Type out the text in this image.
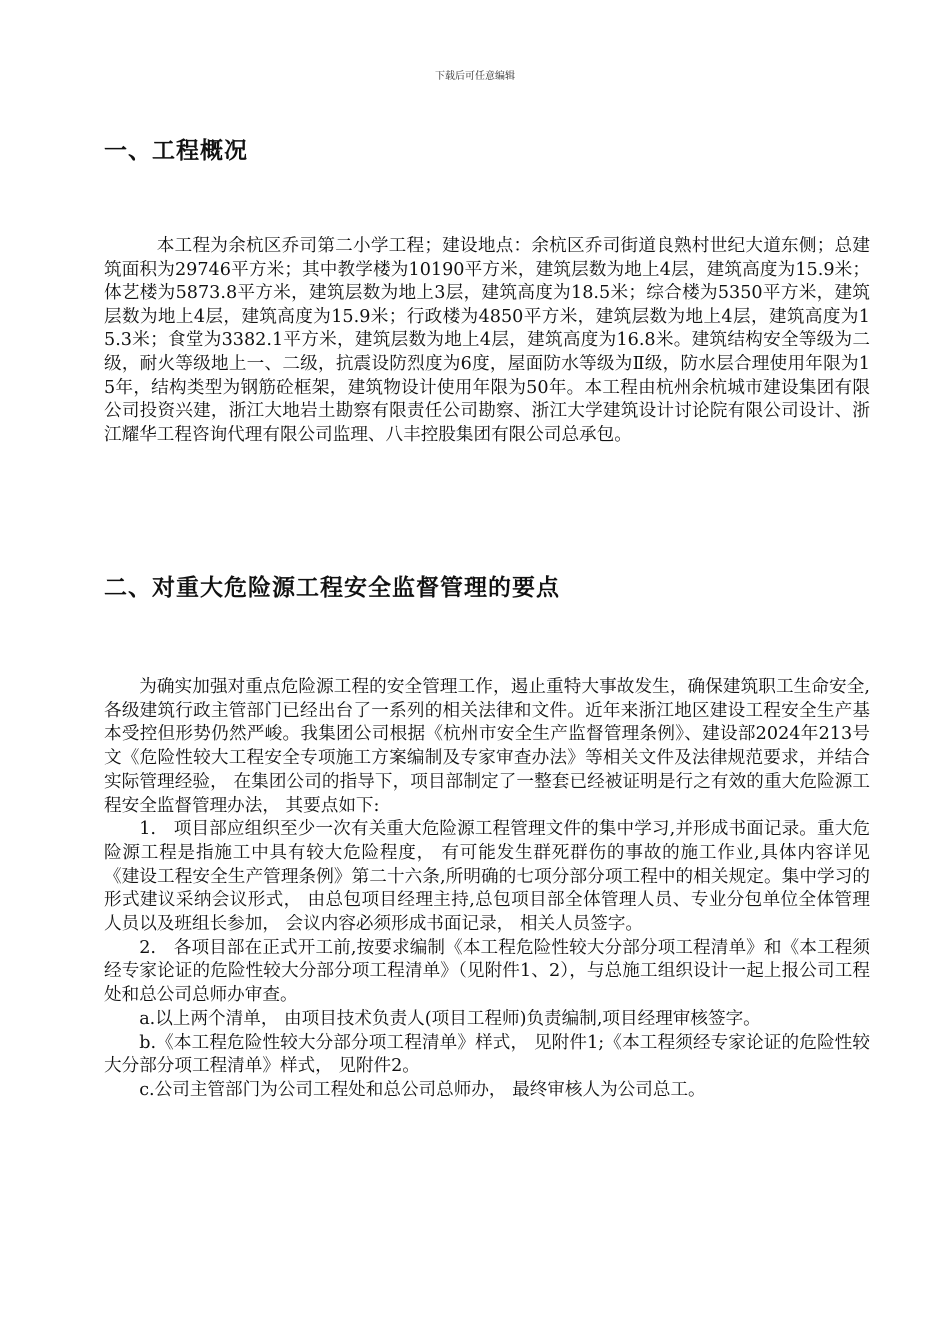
下载后可任意编辑
一、工程概况

本工程为余杭区乔司第二小学工程；建设地点：余杭区乔司街道良熟村世纪大道东侧；总建筑面积为29746平方米；其中教学楼为10190平方米，建筑层数为地上4层，建筑高度为15.9米；体艺楼为5873.8平方米，建筑层数为地上3层，建筑高度为18.5米；综合楼为5350平方米，建筑层数为地上4层，建筑高度为15.9米；行政楼为4850平方米，建筑层数为地上4层，建筑高度为15.3米；食堂为3382.1平方米，建筑层数为地上4层，建筑高度为16.8米。建筑结构安全等级为二级，耐火等级地上一、二级，抗震设防烈度为6度，屋面防水等级为Ⅱ级，防水层合理使用年限为15年，结构类型为钢筋砼框架，建筑物设计使用年限为50年。本工程由杭州余杭城市建设集团有限公司投资兴建，浙江大地岩土勘察有限责任公司勘察、浙江大学建筑设计讨论院有限公司设计、浙江耀华工程咨询代理有限公司监理、八丰控股集团有限公司总承包。

二、对重大危险源工程安全监督管理的要点

为确实加强对重点危险源工程的安全管理工作，遏止重特大事故发生，确保建筑职工生命安全,各级建筑行政主管部门已经出台了一系列的相关法律和文件。近年来浙江地区建设工程安全生产基本受控但形势仍然严峻。我集团公司根据《杭州市安全生产监督管理条例》、建设部2024年213号文《危险性较大工程安全专项施工方案编制及专家审查办法》等相关文件及法律规范要求，并结合实际管理经验， 在集团公司的指导下，项目部制定了一整套已经被证明是行之有效的重大危险源工程安全监督管理办法， 其要点如下:

1.　项目部应组织至少一次有关重大危险源工程管理文件的集中学习,并形成书面记录。重大危险源工程是指施工中具有较大危险程度， 有可能发生群死群伤的事故的施工作业,具体内容详见《建设工程安全生产管理条例》第二十六条,所明确的七项分部分项工程中的相关规定。集中学习的形式建议采纳会议形式， 由总包项目经理主持,总包项目部全体管理人员、专业分包单位全体管理人员以及班组长参加， 会议内容必须形成书面记录， 相关人员签字。

2.　各项目部在正式开工前,按要求编制《本工程危险性较大分部分项工程清单》和《本工程须经专家论证的危险性较大分部分项工程清单》（见附件1、2），与总施工组织设计一起上报公司工程处和总公司总师办审查。

a.以上两个清单， 由项目技术负责人(项目工程师)负责编制,项目经理审核签字。

b.《本工程危险性较大分部分项工程清单》样式， 见附件1;《本工程须经专家论证的危险性较大分部分项工程清单》样式， 见附件2。

c.公司主管部门为公司工程处和总公司总师办， 最终审核人为公司总工。
